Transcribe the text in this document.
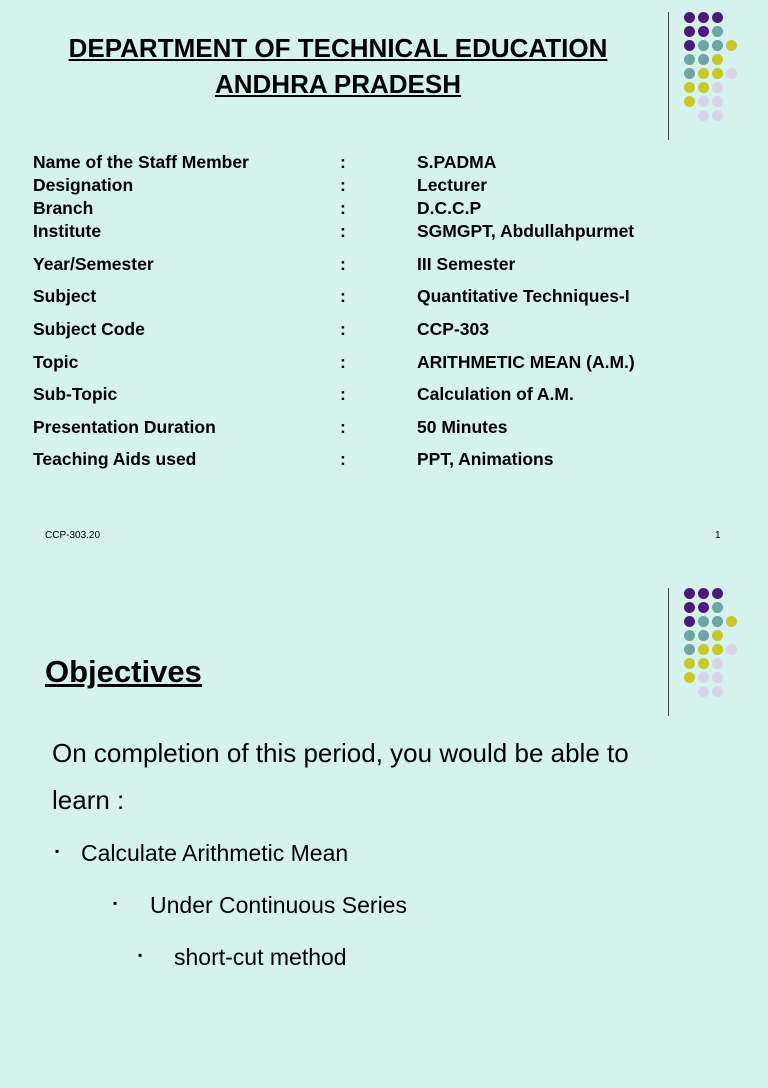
DEPARTMENT OF TECHNICAL EDUCATION
ANDHRA PRADESH
Name of the Staff Member	:	S.PADMA
Designation	:	Lecturer
Branch	:	D.C.C.P
Institute	:	SGMGPT, Abdullahpurmet
Year/Semester	:	III Semester
Subject	:	Quantitative Techniques-I
Subject Code	:	CCP-303
Topic	:	ARITHMETIC MEAN (A.M.)
Sub-Topic	:	Calculation of A.M.
Presentation Duration	:	50 Minutes
Teaching Aids used	:	PPT, Animations
CCP-303.20	1
Objectives

On completion of this period, you would be able to learn :

▪ Calculate Arithmetic Mean
▪ Under Continuous Series
▪ short-cut method
